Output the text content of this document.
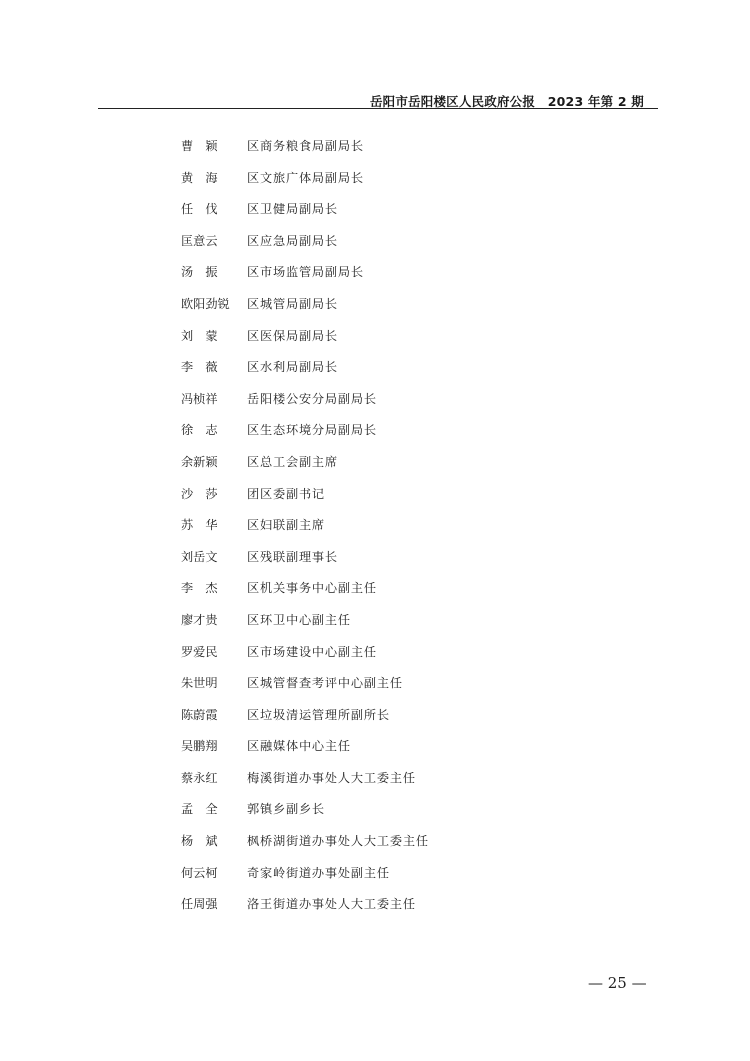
岳阳市岳阳楼区人民政府公报　2023 年第 2 期
曹　颖	区商务粮食局副局长
黄　海	区文旅广体局副局长
任　伐	区卫健局副局长
匡意云	区应急局副局长
汤　振	区市场监管局副局长
欧阳劲锐	区城管局副局长
刘　蒙	区医保局副局长
李　薇	区水利局副局长
冯桢祥	岳阳楼公安分局副局长
徐　志	区生态环境分局副局长
余新颖	区总工会副主席
沙　莎	团区委副书记
苏　华	区妇联副主席
刘岳文	区残联副理事长
李　杰	区机关事务中心副主任
廖才贵	区环卫中心副主任
罗爱民	区市场建设中心副主任
朱世明	区城管督查考评中心副主任
陈蔚霞	区垃圾清运管理所副所长
吴鹏翔	区融媒体中心主任
蔡永红	梅溪街道办事处人大工委主任
孟　全	郭镇乡副乡长
杨　斌	枫桥湖街道办事处人大工委主任
何云柯	奇家岭街道办事处副主任
任周强	洛王街道办事处人大工委主任
— 25 —
